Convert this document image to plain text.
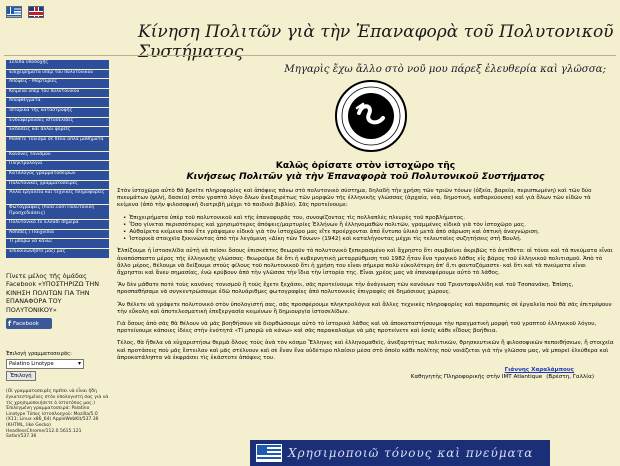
Κίνηση Πολιτῶν γιὰ τὴν Ἐπαναφορὰ τοῦ Πολυτονικοῦ Συστήματος
Σελίδα ὑποδοχῆς
Ἐπιχειρήματα ὑπὲρ τοῦ πολυτονικοῦ
Ἀπόψεις - Μαρτυρίες
Κείμενα ὑπὲρ τοῦ πολυτονικοῦ
Ἀποφθέγματα
Ἱστορικὰ τῆς καταστροφῆς
Ἐνδιαφέρουσες ἱστοσελίδες
Ἐκδόσεις καὶ ἄλλοι φορεῖς
Μάθετε τονισμὸ σὲ δέκα απλὰ μαθήματα
Κανόνες τονισμοῦ
Πληκτρολόγια
Κατάλογος γραμματοσειρῶν
Πολυτονικὲς γραμματοσειρὲς
Ἄλλα ἐργαλεῖα καὶ τεχνικὲς πληροφορίες
Φωτογραφίες (flickr.com Πολυτονική Προσχεδιάσεις)
Πολυτονικὸ ἐν Ἑλλάδι σήμερα
Ἀσπίδες / Παιχνίδια
Τί μπορῶ νὰ κάνω;
Ἐπικοινωνῆστε μαζί μας
Γίνετε μέλος τῆς ὁμάδας Facebook «ΥΠΟΣΤΗΡΙΖΩ ΤΗΝ ΚΙΝΗΣΗ ΠΟΛΙΤΩΝ ΓΙΑ ΤΗΝ ΕΠΑΝΑΦΟΡΑ ΤΟΥ ΠΟΛΥΤΟΝΙΚΟΥ»
f Facebook
Ἐπιλογὴ γραμματοσειρᾶς:
Palatino Linotype ▾
Ἐπιλογή
(Οἱ γραμματοσειρὲς πρέπει νὰ εἶναι ἤδη ἐγκατεστημένες στὸν ὑπολογιστή σας γιὰ νὰ τὶς χρησιμοποιήσετε ὁ ἱστοτόπος μας.) Ἐπιλεγμένη γραμματοσειρά: Palatino Linotype Τύπος ἱστοπλοηγοῦ: Mozilla/5.0 (X11; Linux x86_64) AppleWebKit/537.36 (KHTML, like Gecko) HeadlessChrome/112.0.5615.121 Safari/537.36
Μηγαρὶς ἔχω ἄλλο στὸ νοῦ μου πάρεξ ἐλευθερία καὶ γλῶσσα;
Καλῶς ὁρίσατε στὸν ἱστοχῶρο τῆς
Κινήσεως Πολιτῶν γιὰ τὴν Ἐπαναφορὰ τοῦ Πολυτονικοῦ Συστήματος

Στὸν ἱστοχῶρο αὐτὸ θὰ βρεῖτε πληροφορίες καὶ ἀπόψεις πάνω στὸ πολυτονικὸ σύστημα, δηλαδὴ τὴν χρήση τῶν τριῶν τόνων (ὀξεία, βαρεία, περισπωμένη) καὶ τῶν δύο πνευμάτων (ψιλή, δασεία) στὸν γραπτὸ λόγο ὅλων ἀνεξαιρέτως τῶν μορφῶν τῆς ἑλληνικῆς γλώσσας (ἀρχαία, νέα, δημοτική, καθαρεύουσα) καὶ γιὰ ὅλων τῶν εἰδῶν τὰ κείμενα (ἀπὸ τὴν φιλοσοφικὴ διατριβὴ μέχρι τὸ παιδικὸ βιβλίο). Σᾶς προτείνουμε:

• Ἐπιχειρήματα ὑπὲρ τοῦ πολυτονικοῦ καὶ τῆς ἐπαναφορᾶς του, συνοψίζοντας τὶς πολλαπλὲς πλευρὲς τοῦ προβλήματος.
• Ὅσο γίνεται περισσότερες καὶ χρησιμότερες ἀπόψεις/μαρτυρίες Ἑλλήνων ἢ ἑλληνομαθῶν πολιτῶν, γραμμένες εἰδικὰ γιὰ τὸν ἱστοχῶρο μας.
• Αὐθαίρετα κείμενα ποὺ ἔτε γράψαμεν εἰδικὰ γιὰ τὸν ἱστοχῶρο μας εἴτε προέρχονται ἀπὸ ἔντυπο ὑλικὸ μετὰ ἀπὸ σάρωση καὶ ὀπτικὴ ἀναγνώριση.
• Ἱστορικὰ στοιχεῖα ξεκινώντας ἀπὸ τὴν λεγόμενη «Δίκη τῶν Τόνων» (1942) καὶ καταλήγοντας μέχρι τὶς τελευταῖες συζητήσεις στὴ Βουλή.

Ἐλπίζουμε ἡ ἱστοσελίδα αὐτὴ νὰ πείσει ὅσους ἐπισκέπτες θεωροῦν τὸ πολυτονικὸ ξεπερασμένο καὶ ἄχρηστο ὅτι συμβαίνει ἀκριβῶς τὸ ἀντίθετο: οἱ τόνοι καὶ τὰ πνεύματα εἶναι ἀναπόσπαστο μέρος τῆς ἑλληνικῆς γλώσσας· θεωροῦμε δὲ ὅτι ἡ κυβερνητικὴ μεταρρύθμιση τοῦ 1982 ἦταν ἕνα τραγικὸ λάθος εἰς βάρος τοῦ ἑλληνικοῦ πολιτισμοῦ. Ἀπὸ τὸ ἄλλο μέρος, θέλουμε νὰ δείξουμε στοὺς φίλους τοῦ πολυτονικοῦ ὅτι ἡ χρήση του εἶναι σήμερα πολὺ εὐκολότερη ἀπ' ὅ,τι φανταζόμαστε· καὶ ὅτι καὶ τὰ πνεύματα εἶναι ἄχρηστοι καὶ ἄνευ σημασίας, ἐνῶ κρύβουν ἀπὸ τὴν γλῶσσα τὴν ἴδια τὴν ἱστορία της. Εἶναι χρέος μας νὰ ἐπαναφέρουμε αὐτὸ τὸ λάθος.

Ἂν δὲν μάθατε ποτὲ τοὺς κανόνες τονισμοῦ ἢ τοὺς ἔχετε ξεχάσει, σᾶς προτείνουμε τὴν ἀνάγνωση τῶν κανόνων τοῦ Τριανταφυλλίδη καὶ τοῦ Τσοπανάκη. Ἐπίσης, προσπαθήσαμε νὰ συγκεντρώσουμε ἐδῶ πολυάριθμες φωτογραφίες ἀπὸ πολυτονικὲς ἐπιγραφὲς σὲ δημόσιους χώρους.

Ἂν θέλετε νὰ γράφετε πολυτονικὸ στὸν ὑπολογιστή σας, σᾶς προσφέρουμε πληκτρολόγια καὶ ἄλλες τεχνικὲς πληροφορίες καὶ παραπομπὲς σὲ ἐργαλεῖα ποὺ θὰ σᾶς ἐπιτρέψουν τὴν εὔκολη καὶ ἀποτελεσματικὴ ἐπεξεργασία κειμένων ἢ δημιουργία ἱστοσελίδων.

Γιὰ ὅσους ἀπὸ σᾶς θὰ θέλουν νὰ μᾶς βοηθήσουν νὰ διορθώσουμε αὐτὸ τὸ ἱστορικὸ λάθος καὶ νὰ ἀποκαταστήσουμε τὴν πραγματικὴ μορφὴ τοῦ γραπτοῦ ἑλληνικοῦ λόγου, προτείνουμε κάποιες ἰδέες στὴν ἑνότητά «Τί μπορῶ νὰ κάνω» καὶ σᾶς παρακαλοῦμε νὰ μᾶς προτείνετε καὶ ἐσεῖς κάθε εἴδους βοήθεια.

Τέλος, θὰ ἤθελα νὰ εὐχαριστήσω θερμὰ ὅλους τοὺς ἀνὰ τὸν κόσμο Ἕλληνες καὶ ἑλληνομαθεῖς, ἀνεξαρτήτως πολιτικῶν, θρησκευτικῶν ἢ φιλοσοφικῶν πεποιθήσεων, ἢ στοιχεῖα καὶ προτάσεις ποὺ μᾶς ἔστειλαν καὶ μᾶς στέλνουν καὶ σὲ ἕναν ἕνα οὐδέτερο πλαίσιο μέσα στὸ ὁποῖο κάθε πολίτης ποὺ νοιάζεται γιὰ τὴν γλῶσσα μας, νὰ μπορεῖ ἐλεύθερα καὶ ἀπροκατάληπτα νὰ ἐκφράσει τὶς ἐκάστοτε ἀπόψεις του.

Γιάννης Χαραλάμπους
Καθηγητὴς Πληροφορικῆς στὴν IMT Atlantique (Βρέστη, Γαλλία)
Χρησιμοποιῶ τόνους καὶ πνεύματα
